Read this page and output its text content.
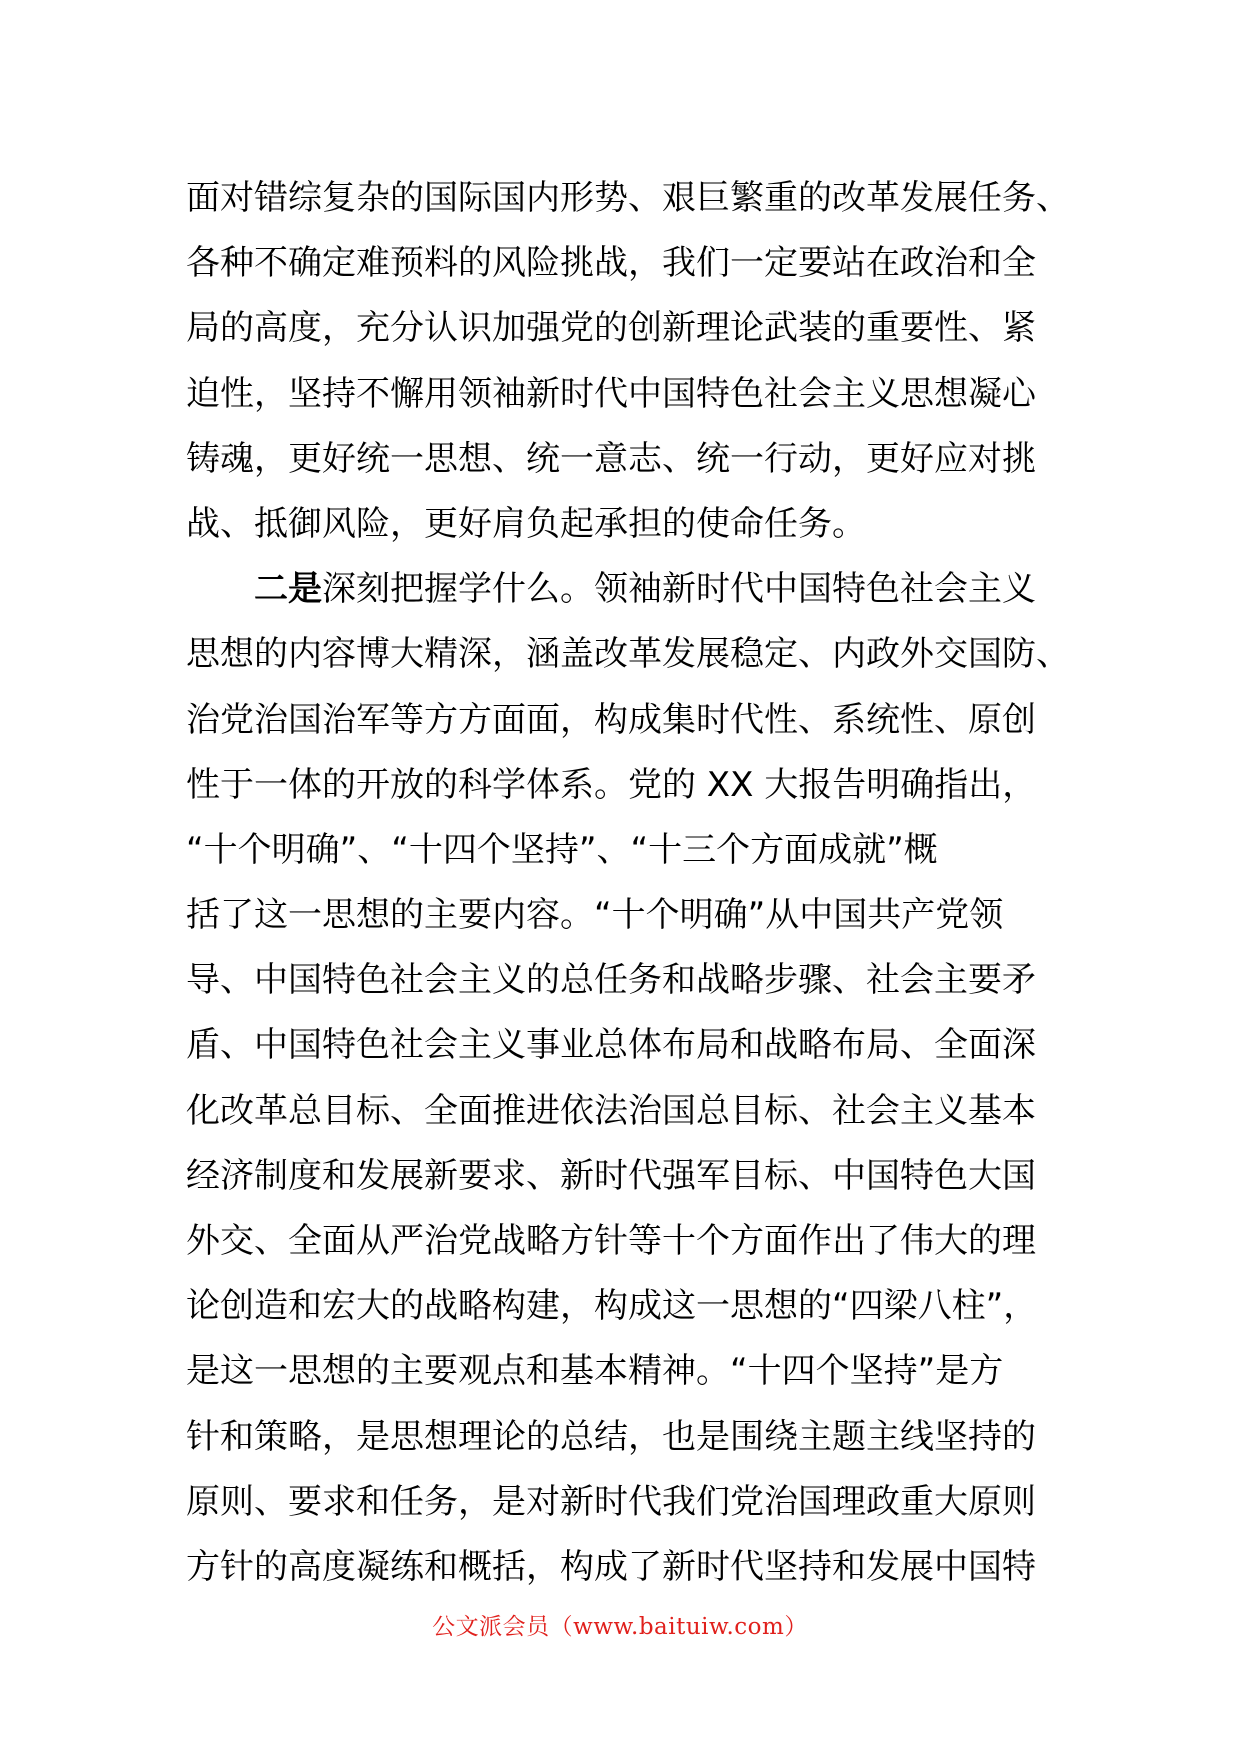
面对错综复杂的国际国内形势、艰巨繁重的改革发展任务、
各种不确定难预料的风险挑战，我们一定要站在政治和全
局的高度，充分认识加强党的创新理论武装的重要性、紧
迫性，坚持不懈用领袖新时代中国特色社会主义思想凝心
铸魂，更好统一思想、统一意志、统一行动，更好应对挑
战、抵御风险，更好肩负起承担的使命任务。
二是深刻把握学什么。领袖新时代中国特色社会主义
思想的内容博大精深，涵盖改革发展稳定、内政外交国防、
治党治国治军等方方面面，构成集时代性、系统性、原创
性于一体的开放的科学体系。党的 XX 大报告明确指出，
“十个明确”、“十四个坚持”、“十三个方面成就”概
括了这一思想的主要内容。“十个明确”从中国共产党领
导、中国特色社会主义的总任务和战略步骤、社会主要矛
盾、中国特色社会主义事业总体布局和战略布局、全面深
化改革总目标、全面推进依法治国总目标、社会主义基本
经济制度和发展新要求、新时代强军目标、中国特色大国
外交、全面从严治党战略方针等十个方面作出了伟大的理
论创造和宏大的战略构建，构成这一思想的“四梁八柱”，
是这一思想的主要观点和基本精神。“十四个坚持”是方
针和策略，是思想理论的总结，也是围绕主题主线坚持的
原则、要求和任务，是对新时代我们党治国理政重大原则
方针的高度凝练和概括，构成了新时代坚持和发展中国特
公文派会员（www.baituiw.com）
